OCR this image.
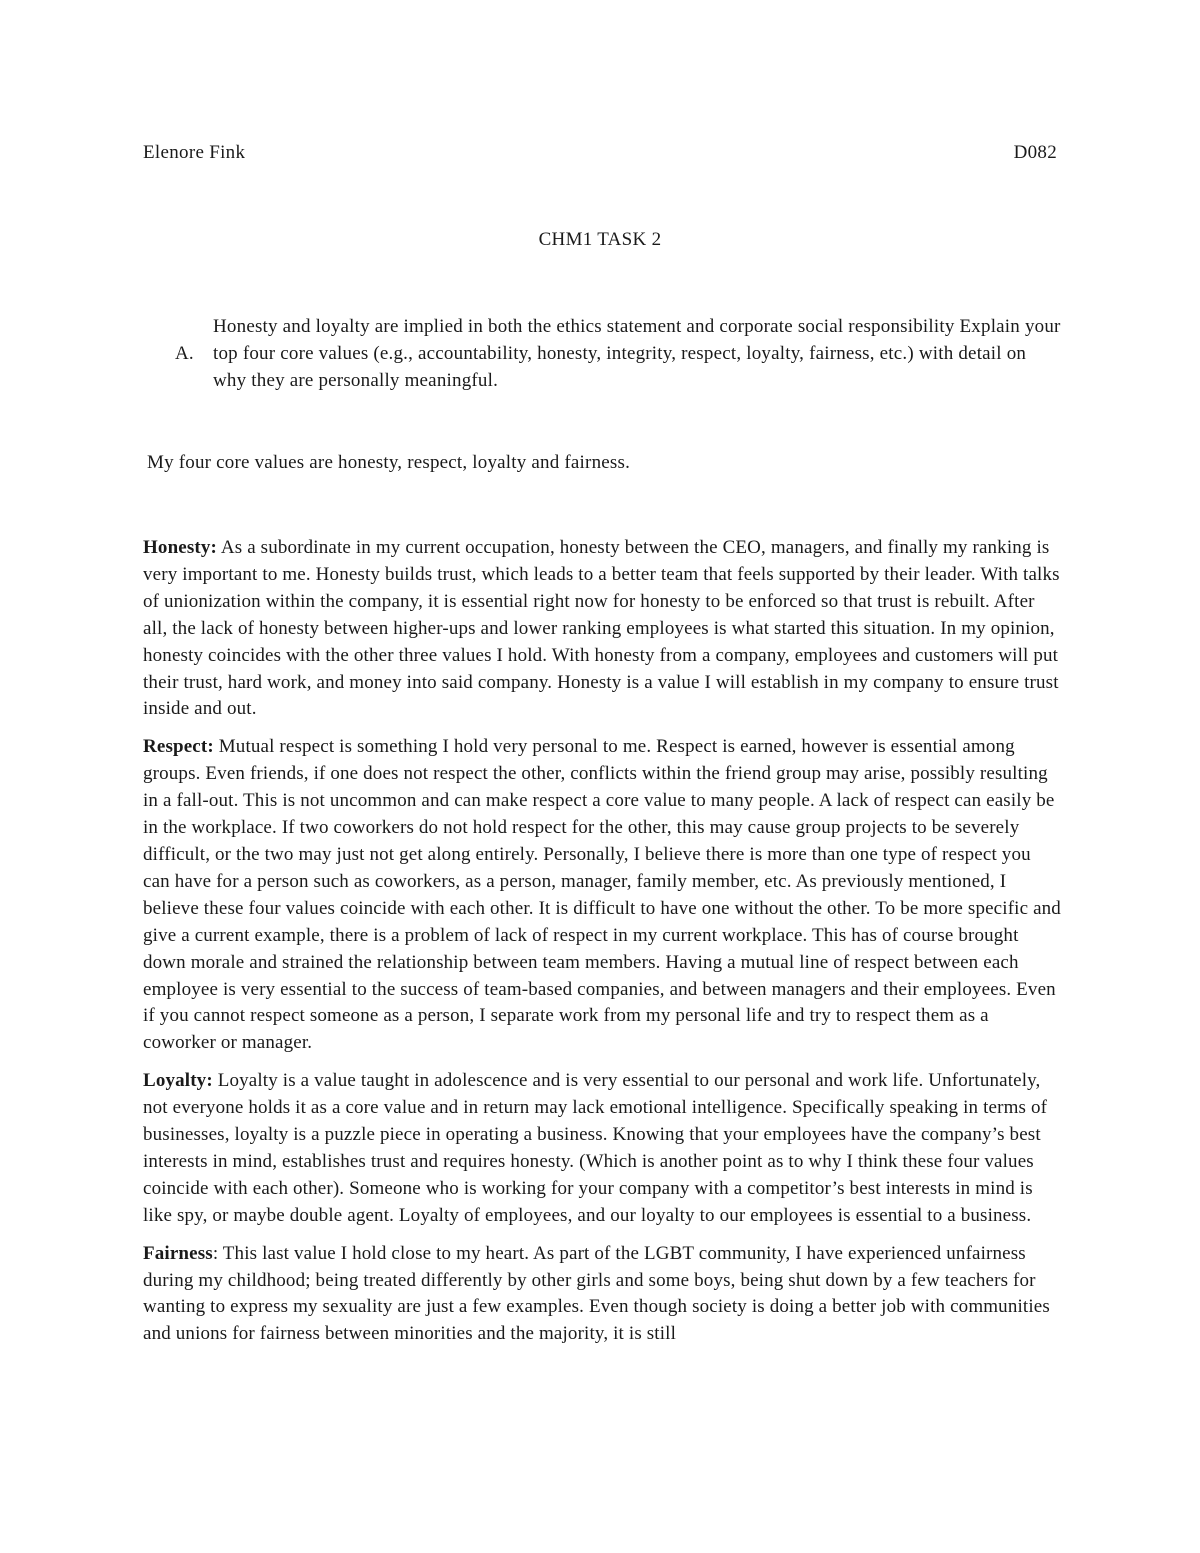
Elenore Fink	D082
CHM1 TASK 2
A.
Honesty and loyalty are implied in both the ethics statement and corporate social responsibility Explain your top four core values (e.g., accountability, honesty, integrity, respect, loyalty, fairness, etc.) with detail on why they are personally meaningful.
My four core values are honesty, respect, loyalty and fairness.

Honesty: As a subordinate in my current occupation, honesty between the CEO, managers, and finally my ranking is very important to me. Honesty builds trust, which leads to a better team that feels supported by their leader. With talks of unionization within the company, it is essential right now for honesty to be enforced so that trust is rebuilt. After all, the lack of honesty between higher-ups and lower ranking employees is what started this situation. In my opinion, honesty coincides with the other three values I hold. With honesty from a company, employees and customers will put their trust, hard work, and money into said company. Honesty is a value I will establish in my company to ensure trust inside and out.

Respect: Mutual respect is something I hold very personal to me. Respect is earned, however is essential among groups. Even friends, if one does not respect the other, conflicts within the friend group may arise, possibly resulting in a fall-out. This is not uncommon and can make respect a core value to many people. A lack of respect can easily be in the workplace. If two coworkers do not hold respect for the other, this may cause group projects to be severely difficult, or the two may just not get along entirely. Personally, I believe there is more than one type of respect you can have for a person such as coworkers, as a person, manager, family member, etc. As previously mentioned, I believe these four values coincide with each other. It is difficult to have one without the other. To be more specific and give a current example, there is a problem of lack of respect in my current workplace. This has of course brought down morale and strained the relationship between team members. Having a mutual line of respect between each employee is very essential to the success of team-based companies, and between managers and their employees. Even if you cannot respect someone as a person, I separate work from my personal life and try to respect them as a coworker or manager.

Loyalty: Loyalty is a value taught in adolescence and is very essential to our personal and work life. Unfortunately, not everyone holds it as a core value and in return may lack emotional intelligence. Specifically speaking in terms of businesses, loyalty is a puzzle piece in operating a business. Knowing that your employees have the company’s best interests in mind, establishes trust and requires honesty. (Which is another point as to why I think these four values coincide with each other). Someone who is working for your company with a competitor’s best interests in mind is like spy, or maybe double agent. Loyalty of employees, and our loyalty to our employees is essential to a business.

Fairness: This last value I hold close to my heart. As part of the LGBT community, I have experienced unfairness during my childhood; being treated differently by other girls and some boys, being shut down by a few teachers for wanting to express my sexuality are just a few examples. Even though society is doing a better job with communities and unions for fairness between minorities and the majority, it is still
